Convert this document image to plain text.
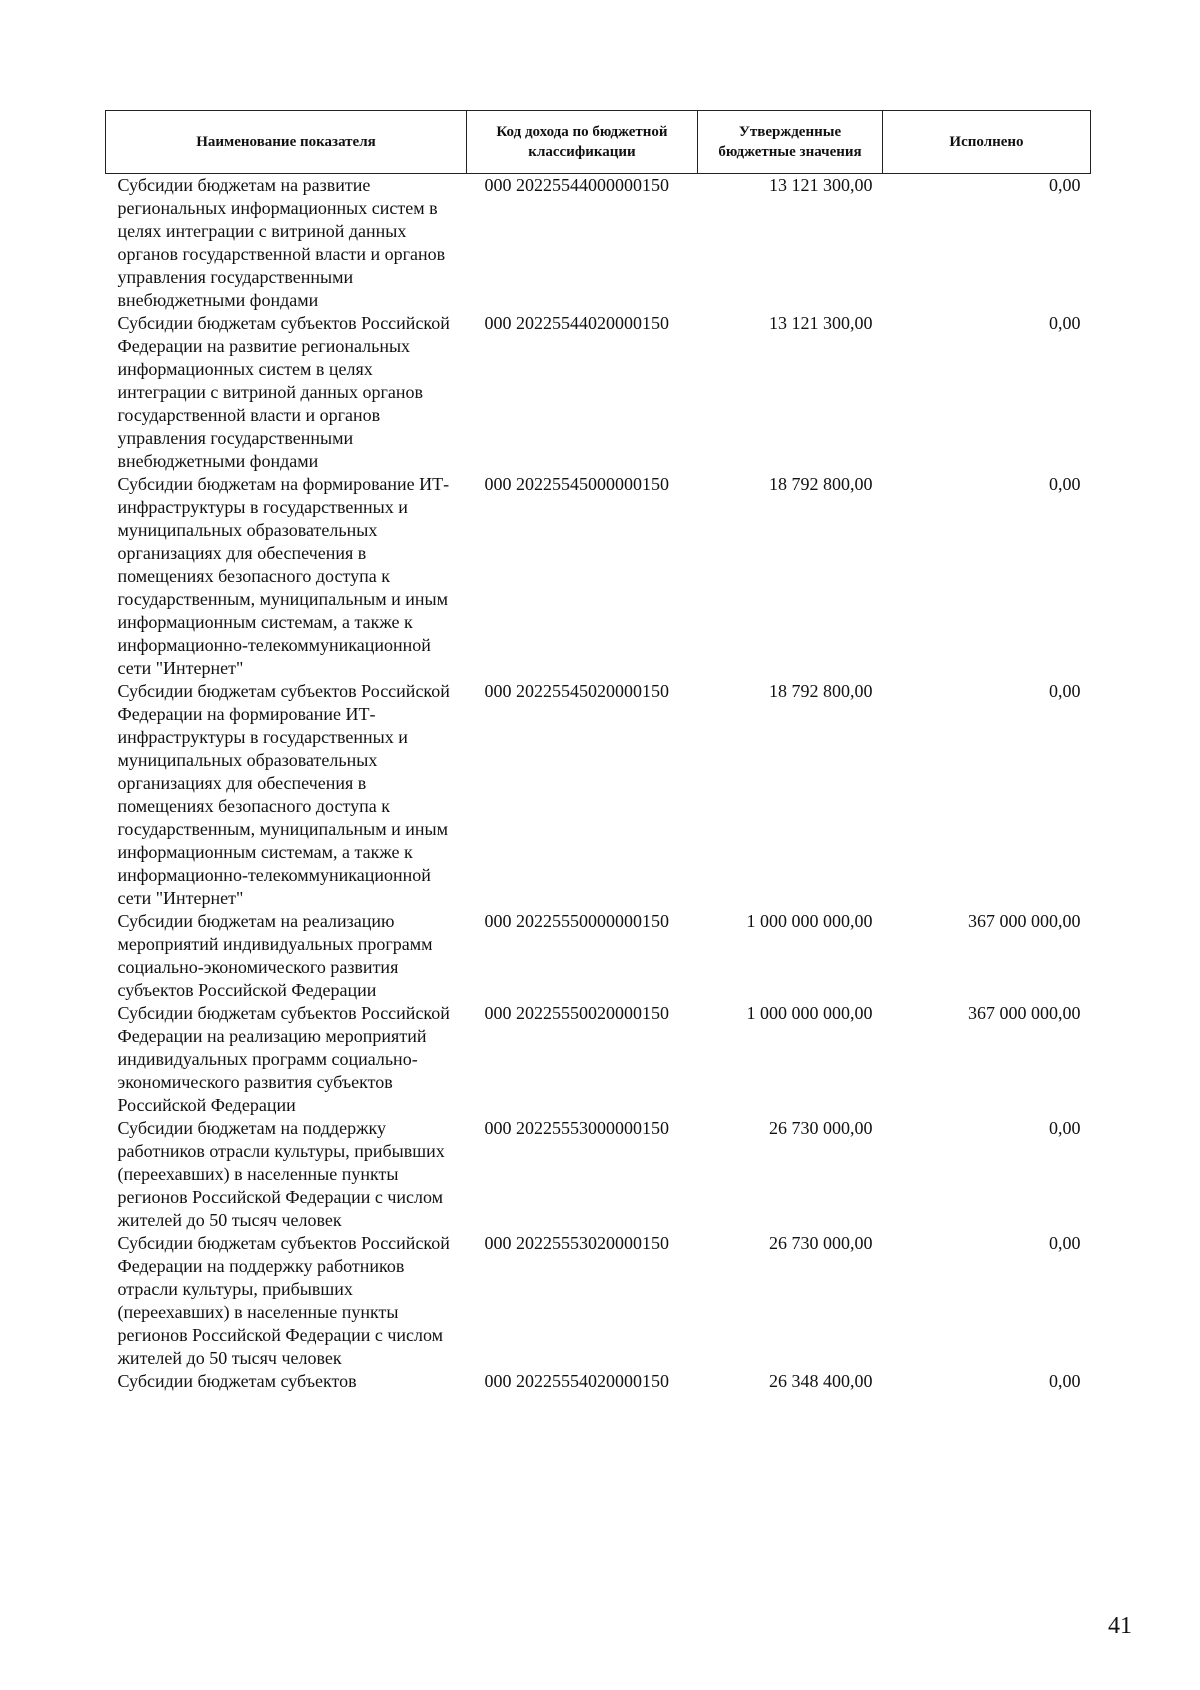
Наименование показателя	Код дохода по бюджетной классификации	Утвержденные бюджетные значения	Исполнено
Субсидии бюджетам на развитие региональных информационных систем в целях интеграции с витриной данных органов государственной власти и органов управления государственными внебюджетными фондами	000 20225544000000150	13 121 300,00	0,00
Субсидии бюджетам субъектов Российской Федерации на развитие региональных информационных систем в целях интеграции с витриной данных органов государственной власти и органов управления государственными внебюджетными фондами	000 20225544020000150	13 121 300,00	0,00
Субсидии бюджетам на формирование ИТ-инфраструктуры в государственных и муниципальных образовательных организациях для обеспечения в помещениях безопасного доступа к государственным, муниципальным и иным информационным системам, а также к информационно-телекоммуникационной сети "Интернет"	000 20225545000000150	18 792 800,00	0,00
Субсидии бюджетам субъектов Российской Федерации на формирование ИТ-инфраструктуры в государственных и муниципальных образовательных организациях для обеспечения в помещениях безопасного доступа к государственным, муниципальным и иным информационным системам, а также к информационно-телекоммуникационной сети "Интернет"	000 20225545020000150	18 792 800,00	0,00
Субсидии бюджетам на реализацию мероприятий индивидуальных программ социально-экономического развития субъектов Российской Федерации	000 20225550000000150	1 000 000 000,00	367 000 000,00
Субсидии бюджетам субъектов Российской Федерации на реализацию мероприятий индивидуальных программ социально-экономического развития субъектов Российской Федерации	000 20225550020000150	1 000 000 000,00	367 000 000,00
Субсидии бюджетам на поддержку работников отрасли культуры, прибывших (переехавших) в населенные пункты регионов Российской Федерации с числом жителей до 50 тысяч человек	000 20225553000000150	26 730 000,00	0,00
Субсидии бюджетам субъектов Российской Федерации на поддержку работников отрасли культуры, прибывших (переехавших) в населенные пункты регионов Российской Федерации с числом жителей до 50 тысяч человек	000 20225553020000150	26 730 000,00	0,00
Субсидии бюджетам субъектов	000 20225554020000150	26 348 400,00	0,00
41
